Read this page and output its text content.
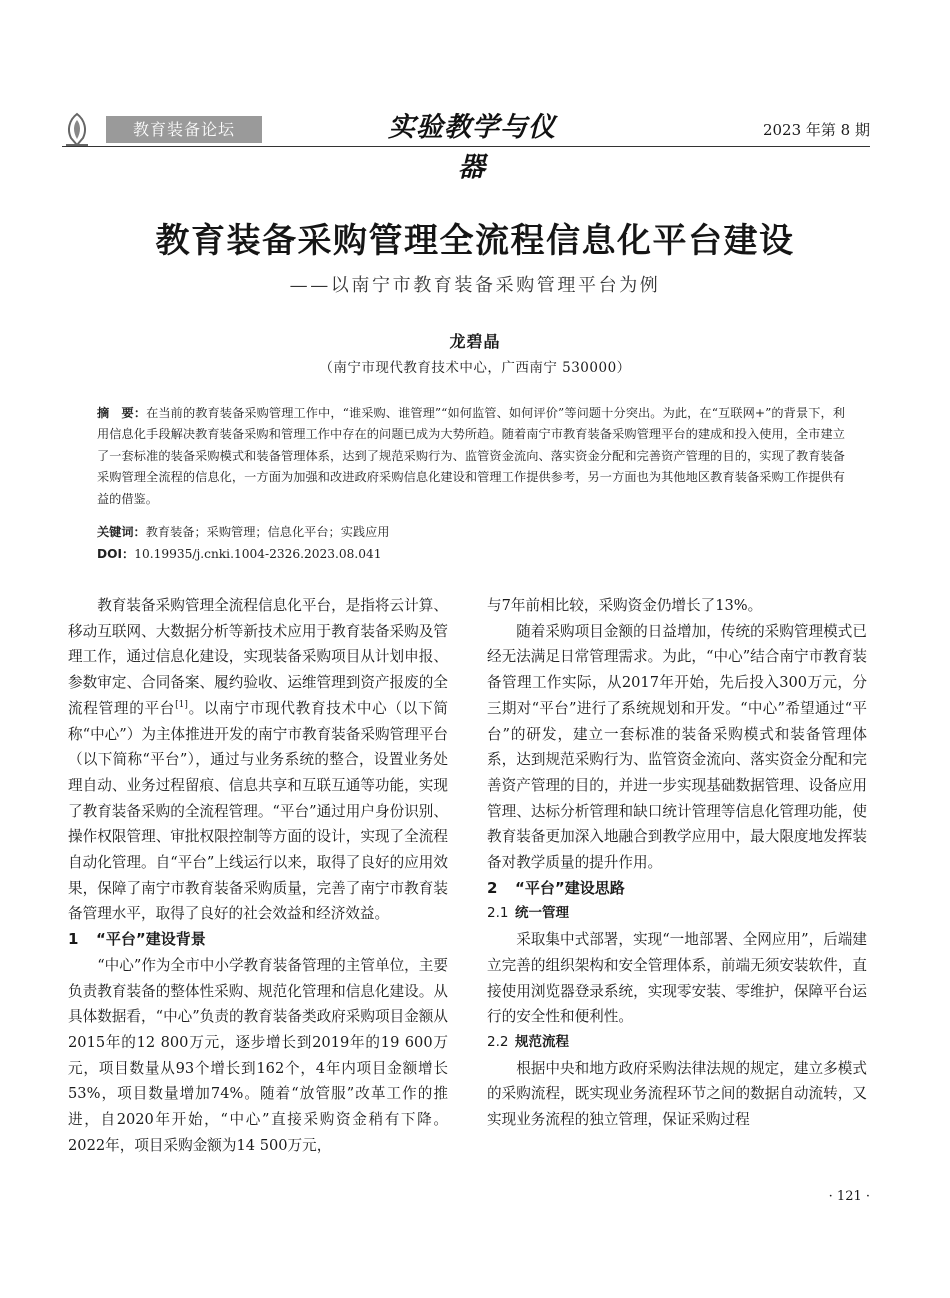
教育装备论坛	实验教学与仪器
2023 年第 8 期
教育装备采购管理全流程信息化平台建设
——以南宁市教育装备采购管理平台为例
龙碧晶
（南宁市现代教育技术中心，广西南宁 530000）
摘　要：在当前的教育装备采购管理工作中，“谁采购、谁管理”“如何监管、如何评价”等问题十分突出。为此，在“互联网+”的背景下，利用信息化手段解决教育装备采购和管理工作中存在的问题已成为大势所趋。随着南宁市教育装备采购管理平台的建成和投入使用，全市建立了一套标准的装备采购模式和装备管理体系，达到了规范采购行为、监管资金流向、落实资金分配和完善资产管理的目的，实现了教育装备采购管理全流程的信息化，一方面为加强和改进政府采购信息化建设和管理工作提供参考，另一方面也为其他地区教育装备采购工作提供有益的借鉴。
关键词：教育装备；采购管理；信息化平台；实践应用
DOI：10.19935/j.cnki.1004-2326.2023.08.041

教育装备采购管理全流程信息化平台，是指将云计算、移动互联网、大数据分析等新技术应用于教育装备采购及管理工作，通过信息化建设，实现装备采购项目从计划申报、参数审定、合同备案、履约验收、运维管理到资产报废的全流程管理的平台[1]。以南宁市现代教育技术中心（以下简称“中心”）为主体推进开发的南宁市教育装备采购管理平台（以下简称“平台”），通过与业务系统的整合，设置业务处理自动、业务过程留痕、信息共享和互联互通等功能，实现了教育装备采购的全流程管理。“平台”通过用户身份识别、操作权限管理、审批权限控制等方面的设计，实现了全流程自动化管理。自“平台”上线运行以来，取得了良好的应用效果，保障了南宁市教育装备采购质量，完善了南宁市教育装备管理水平，取得了良好的社会效益和经济效益。

1 “平台”建设背景

“中心”作为全市中小学教育装备管理的主管单位，主要负责教育装备的整体性采购、规范化管理和信息化建设。从具体数据看，“中心”负责的教育装备类政府采购项目金额从2015年的12 800万元，逐步增长到2019年的19 600万元，项目数量从93个增长到162个，4年内项目金额增长53%，项目数量增加74%。随着“放管服”改革工作的推进，自2020年开始，“中心”直接采购资金稍有下降。2022年，项目采购金额为14 500万元，

与7年前相比较，采购资金仍增长了13%。

随着采购项目金额的日益增加，传统的采购管理模式已经无法满足日常管理需求。为此，“中心”结合南宁市教育装备管理工作实际，从2017年开始，先后投入300万元，分三期对“平台”进行了系统规划和开发。“中心”希望通过“平台”的研发，建立一套标准的装备采购模式和装备管理体系，达到规范采购行为、监管资金流向、落实资金分配和完善资产管理的目的，并进一步实现基础数据管理、设备应用管理、达标分析管理和缺口统计管理等信息化管理功能，使教育装备更加深入地融合到教学应用中，最大限度地发挥装备对教学质量的提升作用。

2 “平台”建设思路
2.1 统一管理

采取集中式部署，实现“一地部署、全网应用”，后端建立完善的组织架构和安全管理体系，前端无须安装软件，直接使用浏览器登录系统，实现零安装、零维护，保障平台运行的安全性和便利性。

2.2 规范流程

根据中央和地方政府采购法律法规的规定，建立多模式的采购流程，既实现业务流程环节之间的数据自动流转，又实现业务流程的独立管理，保证采购过程

· 121 ·
